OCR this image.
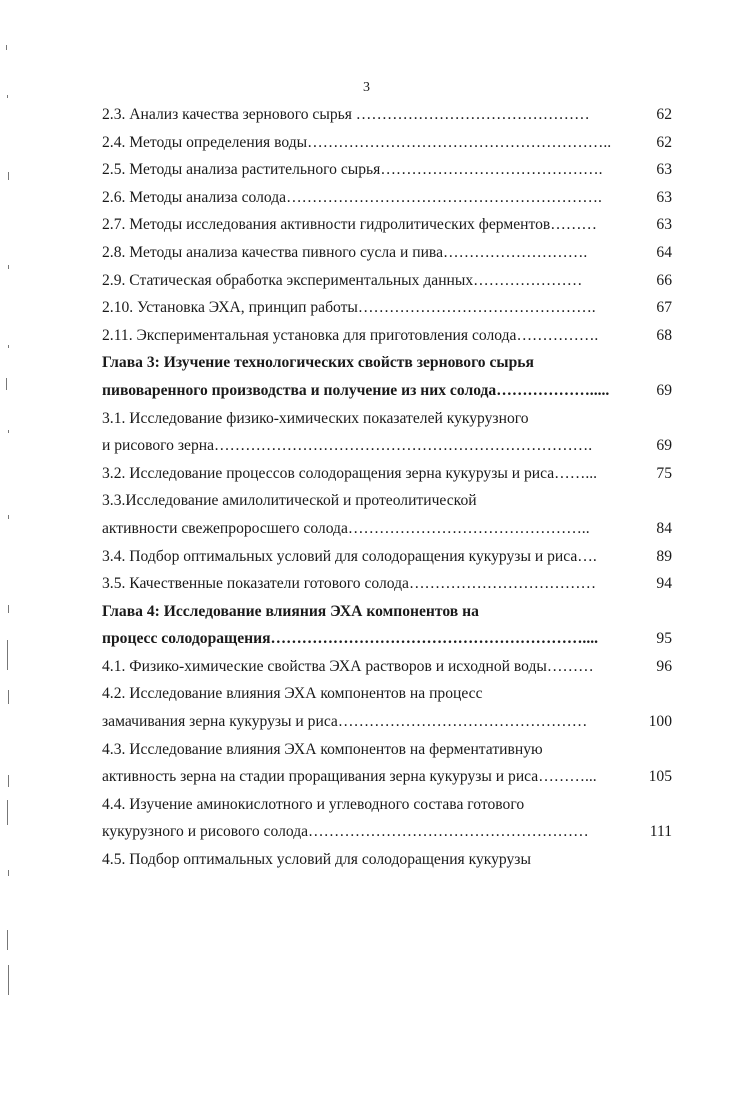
3
2.3. Анализ качества зернового сырья ………………………………………	62
2.4. Методы определения воды…………………………………………………..	62
2.5. Методы анализа растительного сырья…………………………………….	63
2.6. Методы анализа солода…………………………………………………….	63
2.7. Методы исследования активности гидролитических ферментов………	63
2.8. Методы анализа качества пивного сусла и пива……………………….	64
2.9. Статическая обработка экспериментальных данных…………………	66
2.10. Установка ЭХА, принцип работы……………………………………….	67
2.11. Экспериментальная установка для приготовления солода…………….	68
Глава 3: Изучение технологических свойств зернового сырья
пивоваренного производства и получение из них солода……………….....	69
3.1. Исследование физико-химических показателей кукурузного
и рисового зерна……………………………………………………………….	69
3.2. Исследование процессов солодоращения зерна кукурузы и риса……...	75
3.3.Исследование амилолитической и протеолитической
активности свежепроросшего солода………………………………………..	84
3.4. Подбор оптимальных условий для солодоращения кукурузы и риса….	89
3.5. Качественные показатели готового солода………………………………	94
Глава 4: Исследование влияния ЭХА компонентов на
процесс солодоращения……………………………………………………....	95
4.1. Физико-химические свойства ЭХА растворов и исходной воды………	96
4.2. Исследование влияния ЭХА компонентов на процесс
замачивания зерна кукурузы и риса…………………………………………	100
4.3. Исследование влияния ЭХА компонентов на ферментативную
активность зерна на стадии проращивания зерна кукурузы и риса………...	105
4.4. Изучение аминокислотного и углеводного состава готового
кукурузного и рисового солода………………………………………………	111
4.5. Подбор оптимальных условий для солодоращения кукурузы
